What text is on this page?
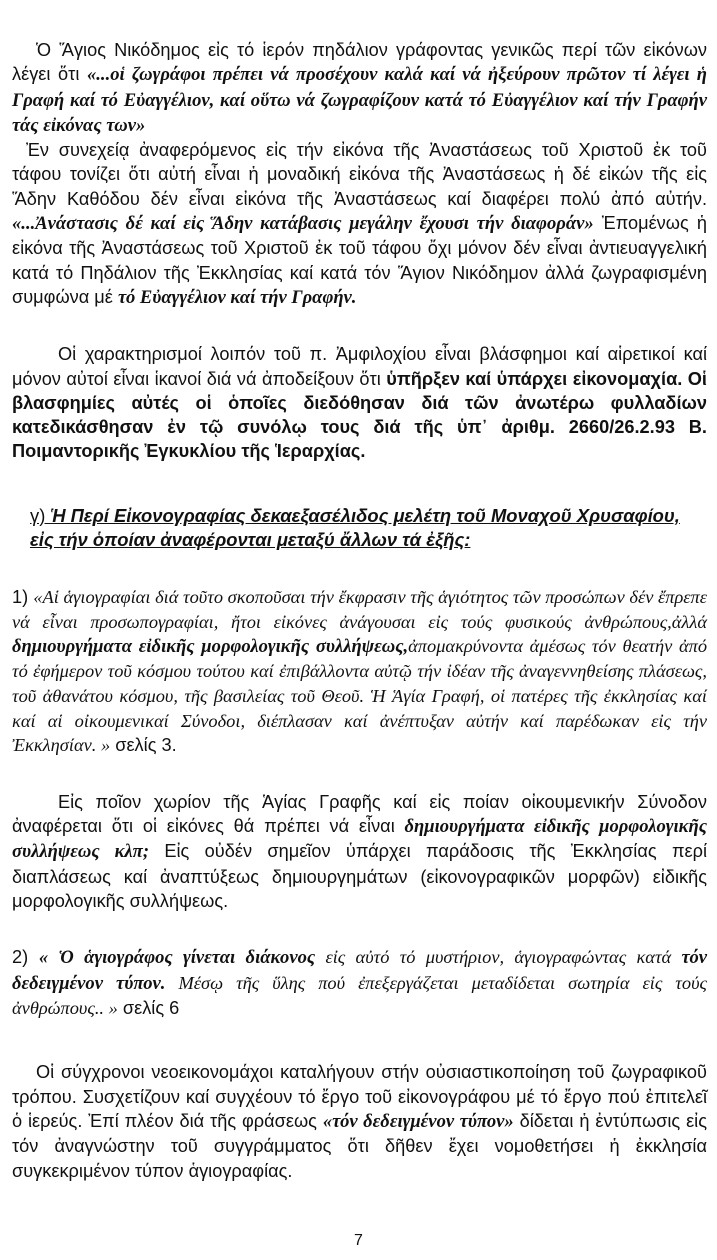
Ὁ Ἅγιος Νικόδημος εἰς τό ἱερόν πηδάλιον γράφοντας γενικῶς περί τῶν εἰκόνων λέγει ὅτι «...οἱ ζωγράφοι πρέπει νά προσέχουν καλά καί νά ἠξεύρουν πρῶτον τί λέγει ἡ Γραφή καί τό Εὐαγγέλιον, καί οὕτω νά ζωγραφίζουν κατά τό Εὐαγγέλιον καί τήν Γραφήν τάς εἰκόνας των»

Ἐν συνεχείᾳ ἀναφερόμενος εἰς τήν εἰκόνα τῆς Ἀναστάσεως τοῦ Χριστοῦ ἐκ τοῦ τάφου τονίζει ὅτι αὐτή εἶναι ἡ μοναδική εἰκόνα τῆς Ἀναστάσεως ἡ δέ εἰκών τῆς εἰς Ἅδην Καθόδου δέν εἶναι εἰκόνα τῆς Ἀναστάσεως καί διαφέρει πολύ ἀπό αὐτήν. «...Ἀνάστασις δέ καί εἰς Ἅδην κατάβασις μεγάλην ἔχουσι τήν διαφοράν» Ἐπομένως ἡ εἰκόνα τῆς Ἀναστάσεως τοῦ Χριστοῦ ἐκ τοῦ τάφου ὄχι μόνον δέν εἶναι ἀντιευαγγελική κατά τό Πηδάλιον τῆς Ἐκκλησίας καί κατά τόν Ἅγιον Νικόδημον ἀλλά ζωγραφισμένη συμφώνα μέ τό Εὐαγγέλιον καί τήν Γραφήν.

Οἱ χαρακτηρισμοί λοιπόν τοῦ π. Ἀμφιλοχίου εἶναι βλάσφημοι καί αἱρετικοί καί μόνον αὐτοί εἶναι ἱκανοί διά νά ἀποδείξουν ὅτι ὑπῆρξεν καί ὑπάρχει εἰκονομαχία. Οἱ βλασφημίες αὐτές οἱ ὁποῖες διεδόθησαν διά τῶν ἀνωτέρω φυλλαδίων κατεδικάσθησαν ἐν τῷ συνόλῳ τους διά τῆς ὑπ᾽ ἀριθμ. 2660/26.2.93 Β. Ποιμαντορικῆς Ἐγκυκλίου τῆς Ἱεραρχίας.

γ) Ἡ Περί Εἰκονογραφίας δεκαεξασέλιδος μελέτη τοῦ Μοναχοῦ Χρυσαφίου, εἰς τήν ὁποίαν ἀναφέρονται μεταξύ ἄλλων τά ἐξῆς:

1) «Αἱ ἁγιογραφίαι διά τοῦτο σκοποῦσαι τήν ἔκφρασιν τῆς ἁγιότητος τῶν προσώπων δέν ἔπρεπε νά εἶναι προσωπογραφίαι, ἤτοι εἰκόνες ἀνάγουσαι εἰς τούς φυσικούς ἀνθρώπους,ἀλλά δημιουργήματα εἰδικῆς μορφολογικῆς συλλήψεως,ἀπομακρύνοντα ἀμέσως τόν θεατήν ἀπό τό ἐφήμερον τοῦ κόσμου τούτου καί ἐπιβάλλοντα αὐτῷ τήν ἰδέαν τῆς ἀναγεννηθείσης πλάσεως, τοῦ ἀθανάτου κόσμου, τῆς βασιλείας τοῦ Θεοῦ. Ἡ Ἁγία Γραφή, οἱ πατέρες τῆς ἐκκλησίας καί καί αἱ οἰκουμενικαί Σύνοδοι, διέπλασαν καί ἀνέπτυξαν αὐτήν καί παρέδωκαν εἰς τήν Ἐκκλησίαν. » σελίς 3.

Εἰς ποῖον χωρίον τῆς Ἁγίας Γραφῆς καί εἰς ποίαν οἰκουμενικήν Σύνοδον ἀναφέρεται ὅτι οἱ εἰκόνες θά πρέπει νά εἶναι δημιουργήματα εἰδικῆς μορφολογικῆς συλλήψεως κλπ; Εἰς οὐδέν σημεῖον ὑπάρχει παράδοσις τῆς Ἐκκλησίας περί διαπλάσεως καί ἀναπτύξεως δημιουργημάτων (εἰκονογραφικῶν μορφῶν) εἰδικῆς μορφολογικῆς συλλήψεως.

2) « Ὁ ἁγιογράφος γίνεται διάκονος εἰς αὐτό τό μυστήριον, ἁγιογραφώντας κατά τόν δεδειγμένον τύπον. Μέσῳ τῆς ὕλης πού ἐπεξεργάζεται μεταδίδεται σωτηρία εἰς τούς ἀνθρώπους.. » σελίς 6

Οἱ σύγχρονοι νεοεικονομάχοι καταλήγουν στήν οὐσιαστικοποίηση τοῦ ζωγραφικοῦ τρόπου. Συσχετίζουν καί συγχέουν τό ἔργο τοῦ εἰκονογράφου μέ τό ἔργο πού ἐπιτελεῖ ὁ ἱερεύς. Ἐπί πλέον διά τῆς φράσεως «τόν δεδειγμένον τύπον» δίδεται ἡ ἐντύπωσις εἰς τόν ἀναγνώστην τοῦ συγγράμματος ὅτι δῆθεν ἔχει νομοθετήσει ἡ ἐκκλησία συγκεκριμένον τύπον ἁγιογραφίας.

7
